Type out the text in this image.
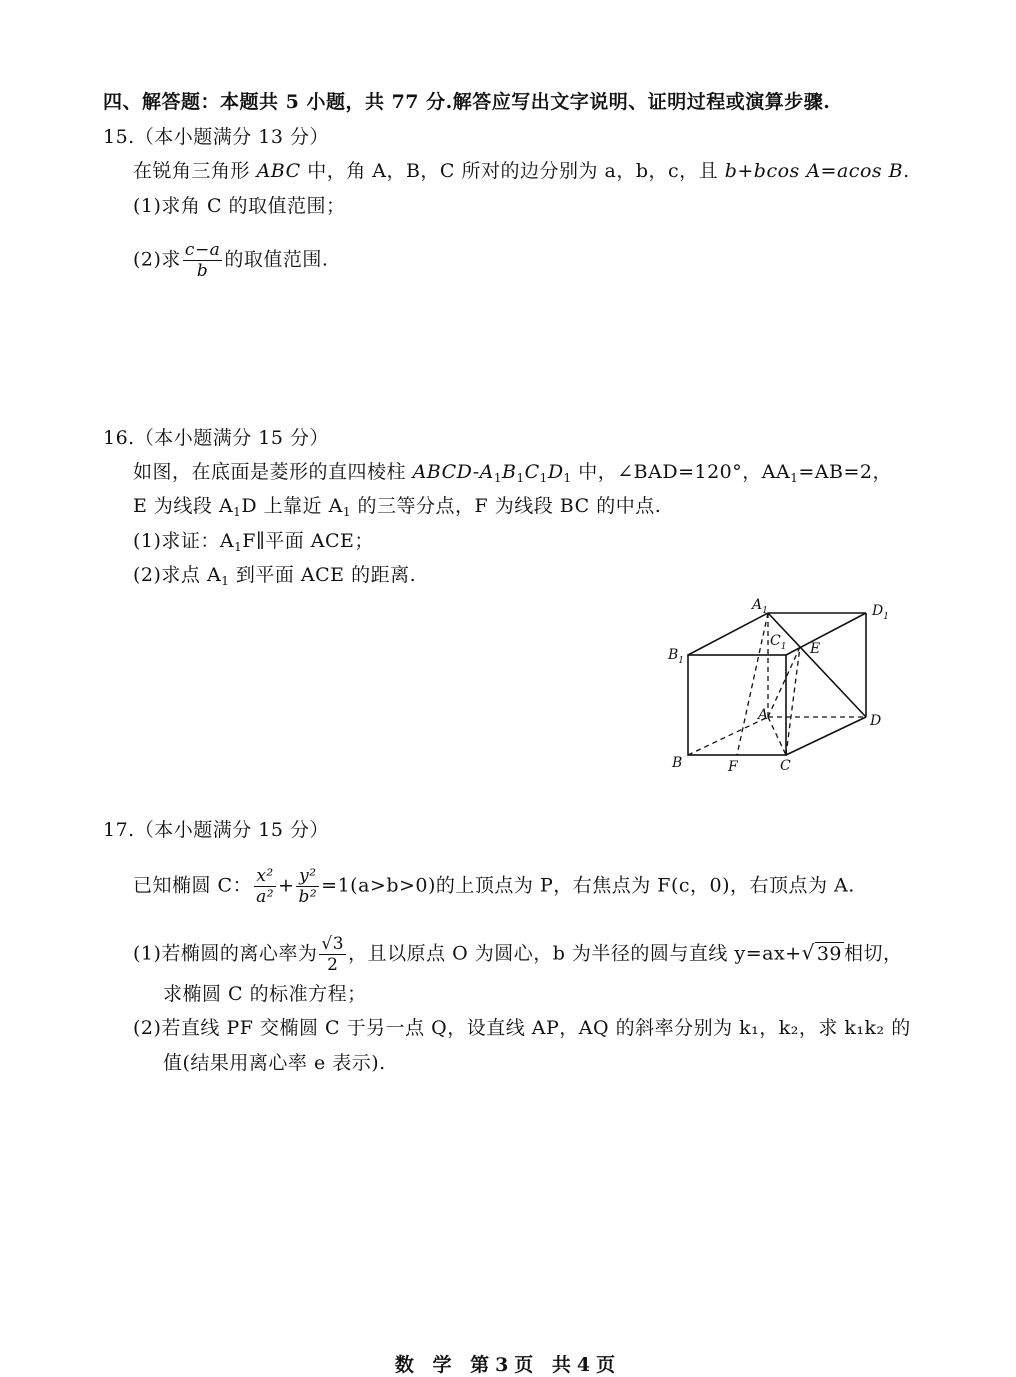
四、解答题：本题共 5 小题，共 77 分.解答应写出文字说明、证明过程或演算步骤.
15.（本小题满分 13 分）
在锐角三角形 ABC 中，角 A，B，C 所对的边分别为 a，b，c，且 b+bcos A=acos B.
(1)求角 C 的取值范围；
(2)求 $\frac{c-a}{b}$ 的取值范围.
16.（本小题满分 15 分）
如图，在底面是菱形的直四棱柱 ABCD-$A_1B_1C_1D_1$ 中，∠BAD=120°，$AA_1=AB=2$，
E 为线段 $A_1D$ 上靠近 $A_1$ 的三等分点，F 为线段 BC 的中点.
(1)求证：$A_1F\parallel$平面 ACE；
(2)求点 $A_1$ 到平面 ACE 的距离.
$A_1$	$D_1$
$B_1$
$C_1$ E
A	D
B	F	C
17.（本小题满分 15 分）
已知椭圆 C： $\frac{\text{x²}}{\text{a²}} + \frac{\text{y²}}{\text{b²}} =1(a>b>0)$的上顶点为 P，右焦点为 F(c，0)，右顶点为 A.
(1)若椭圆的离心率为 $\frac{√3}{2}$ ，且以原点 O 为圆心，b 为半径的圆与直线 y=ax+√ 39 相切，
求椭圆 C 的标准方程；
(2)若直线 PF 交椭圆 C 于另一点 Q，设直线 AP，AQ 的斜率分别为 k₁，k₂，求 k₁k₂ 的
值(结果用离心率 e 表示).
数 学 第3页 共4页
